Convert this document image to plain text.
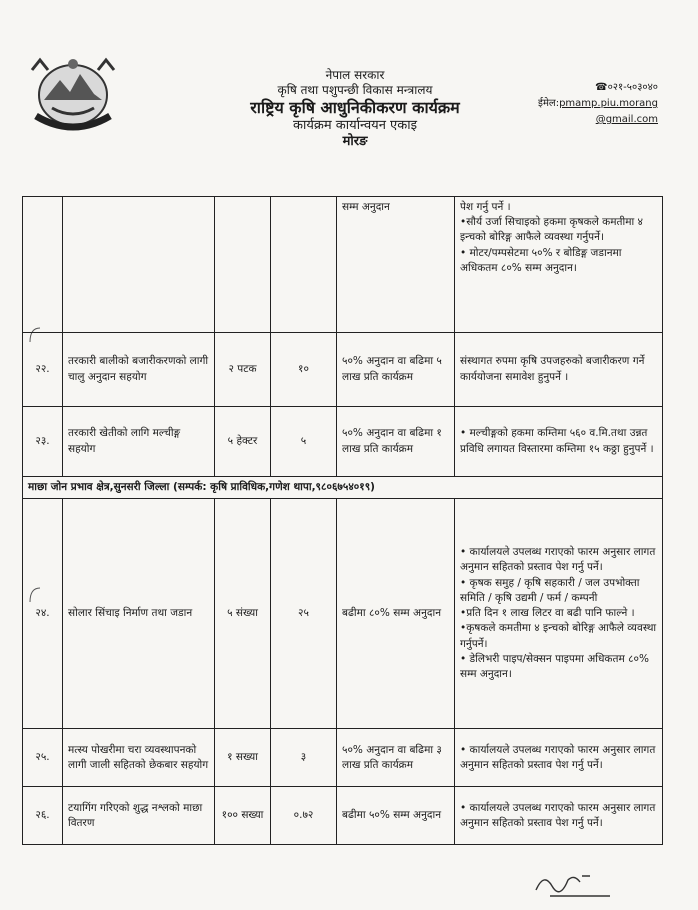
नेपाल सरकार
कृषि तथा पशुपन्छी विकास मन्त्रालय
राष्ट्रिय कृषि आधुनिकीकरण कार्यक्रम
कार्यक्रम कार्यान्वयन एकाइ
मोरङ
☎०२१-५०३०४०
ईमेल:pmamp.piu.morang @gmail.com
				सम्म अनुदान	पेश गर्नु पर्ने ।
•सौर्य उर्जा सिचाइको हकमा कृषकले कमतीमा ४ इन्चको बोरिङ्ग आफैले व्यवस्था गर्नुपर्ने।
• मोटर/पम्पसेटमा ५०% र बोडिङ्ग जडानमा अधिकतम ८०% सम्म अनुदान।

२२.	तरकारी बालीको बजारीकरणको लागी चालु अनुदान सहयोग	२ पटक	१०	५०% अनुदान वा बढिमा ५ लाख प्रति कार्यक्रम	संस्थागत रुपमा कृषि उपजहरुको बजारीकरण गर्ने कार्ययोजना समावेश हुनुपर्ने ।

२३.	तरकारी खेतीको लागि मल्चीङ्ग सहयोग	५ हेक्टर	५	५०% अनुदान वा बढिमा १ लाख प्रति कार्यक्रम	• मल्चीङ्गको हकमा कम्तिमा ५६० व.मि.तथा उन्नत प्रविधि लगायत विस्तारमा कम्तिमा १५ कठ्ठा हुनुपर्ने ।

माछा जोन प्रभाव क्षेत्र,सुनसरी जिल्ला (सम्पर्क: कृषि प्राविधिक,गणेश थापा,९८०६७५४०१९)					
२४.	सोलार सिंचाइ निर्माण तथा जडान	५ संख्या	२५	बढीमा ८०% सम्म अनुदान	• कार्यालयले उपलब्ध गराएको फारम अनुसार लागत अनुमान सहितको प्रस्ताव पेश गर्नु पर्ने।
• कृषक समुह / कृषि सहकारी / जल उपभोक्ता समिति / कृषि उद्यमी / फर्म / कम्पनी
•प्रति दिन १ लाख लिटर वा बढी पानि फाल्ने ।
•कृषकले कमतीमा ४ इन्चको बोरिङ्ग आफैले व्यवस्था गर्नुपर्ने।
• डेलिभरी पाइप/सेक्सन पाइपमा अधिकतम ८०% सम्म अनुदान।

२५.	मत्स्य पोखरीमा चरा व्यवस्थापनको लागी जाली सहितको छेकबार सहयोग	१ सख्या	३	५०% अनुदान वा बढिमा ३ लाख प्रति कार्यक्रम	• कार्यालयले उपलब्ध गराएको फारम अनुसार लागत अनुमान सहितको प्रस्ताव पेश गर्नु पर्ने।

२६.	टयागिंग गरिएको शुद्ध नश्लको माछा वितरण	१०० सख्या	०.७२	बढीमा ५०% सम्म अनुदान	• कार्यालयले उपलब्ध गराएको फारम अनुसार लागत अनुमान सहितको प्रस्ताव पेश गर्नु पर्ने।
